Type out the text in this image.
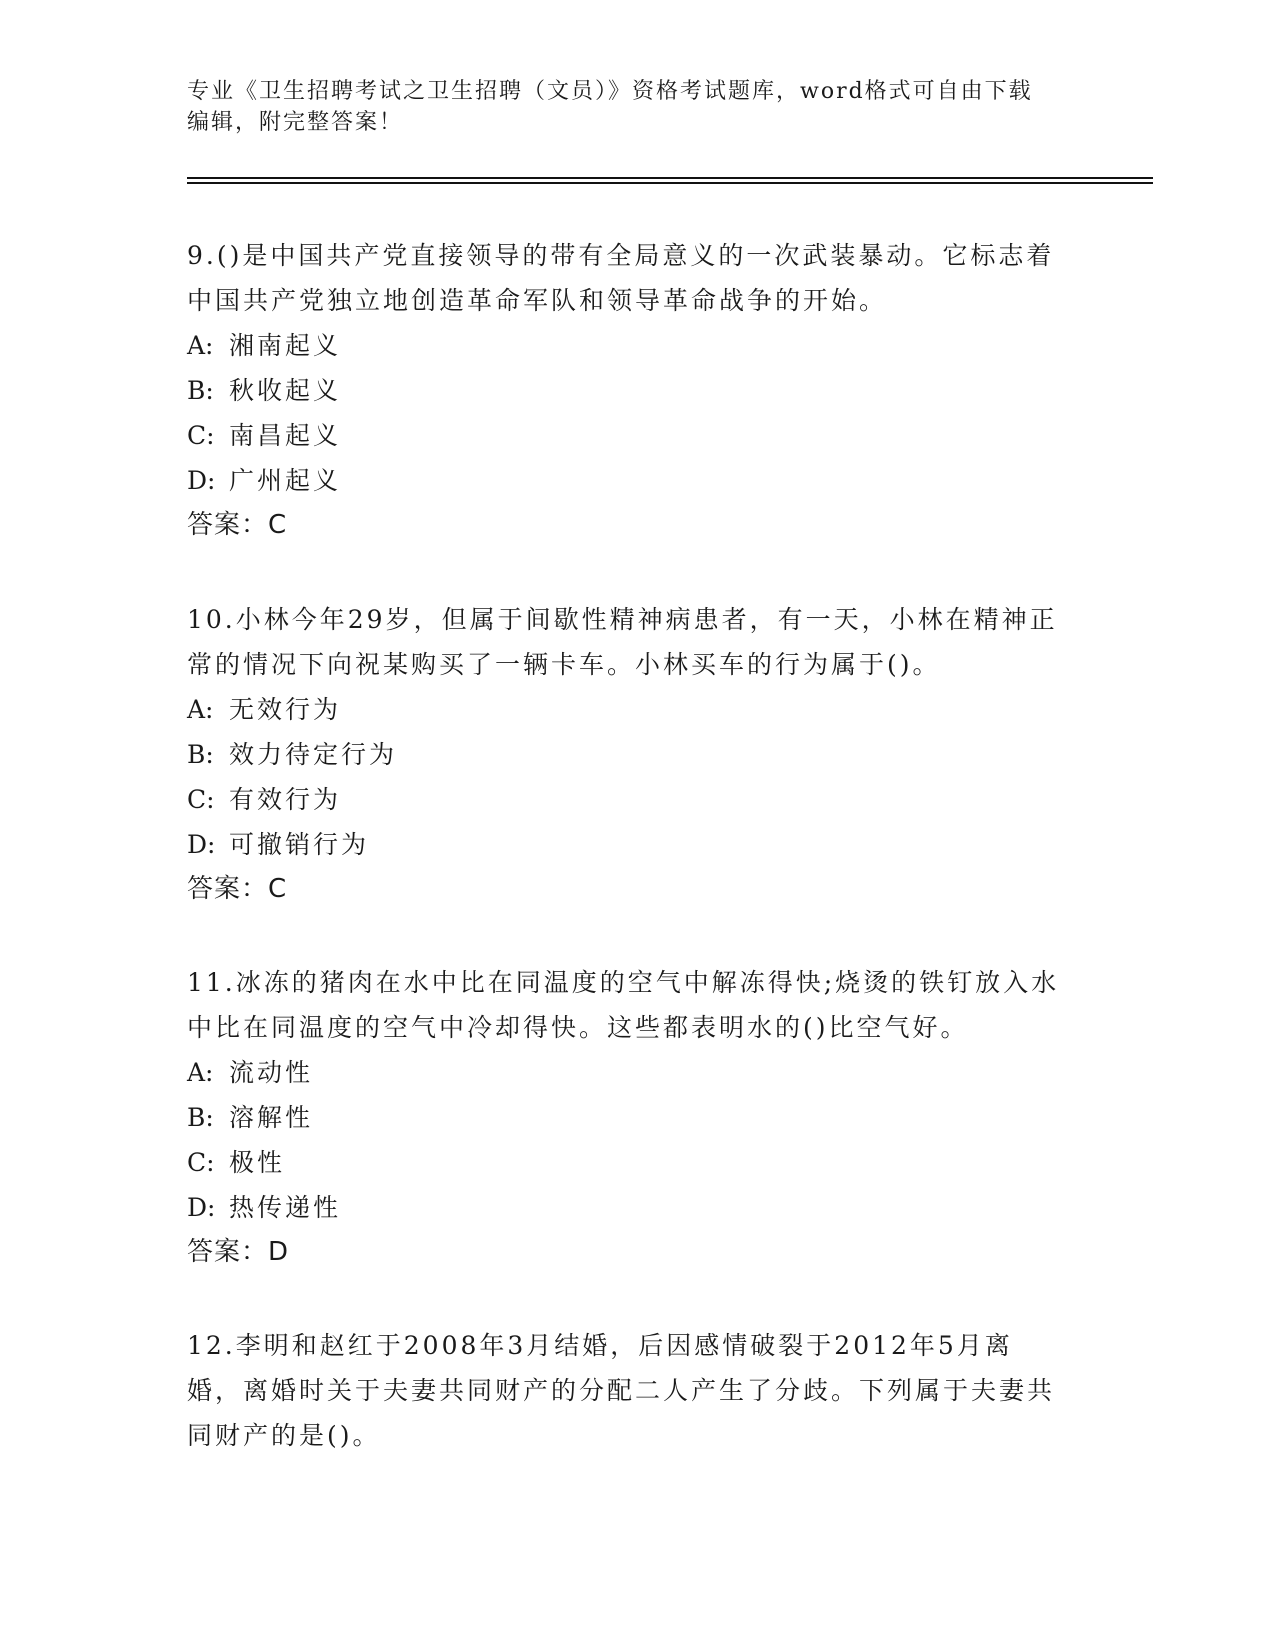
专业《卫生招聘考试之卫生招聘（文员）》资格考试题库，word格式可自由下载
编辑，附完整答案！

9.()是中国共产党直接领导的带有全局意义的一次武装暴动。它标志着中国共产党独立地创造革命军队和领导革命战争的开始。

A: 湘南起义

B: 秋收起义

C: 南昌起义

D: 广州起义

答案：C

10.小林今年29岁，但属于间歇性精神病患者，有一天，小林在精神正常的情况下向祝某购买了一辆卡车。小林买车的行为属于()。

A: 无效行为

B: 效力待定行为

C: 有效行为

D: 可撤销行为

答案：C

11.冰冻的猪肉在水中比在同温度的空气中解冻得快;烧烫的铁钉放入水中比在同温度的空气中冷却得快。这些都表明水的()比空气好。

A: 流动性

B: 溶解性

C: 极性

D: 热传递性

答案：D

12.李明和赵红于2008年3月结婚，后因感情破裂于2012年5月离婚，离婚时关于夫妻共同财产的分配二人产生了分歧。下列属于夫妻共同财产的是()。
